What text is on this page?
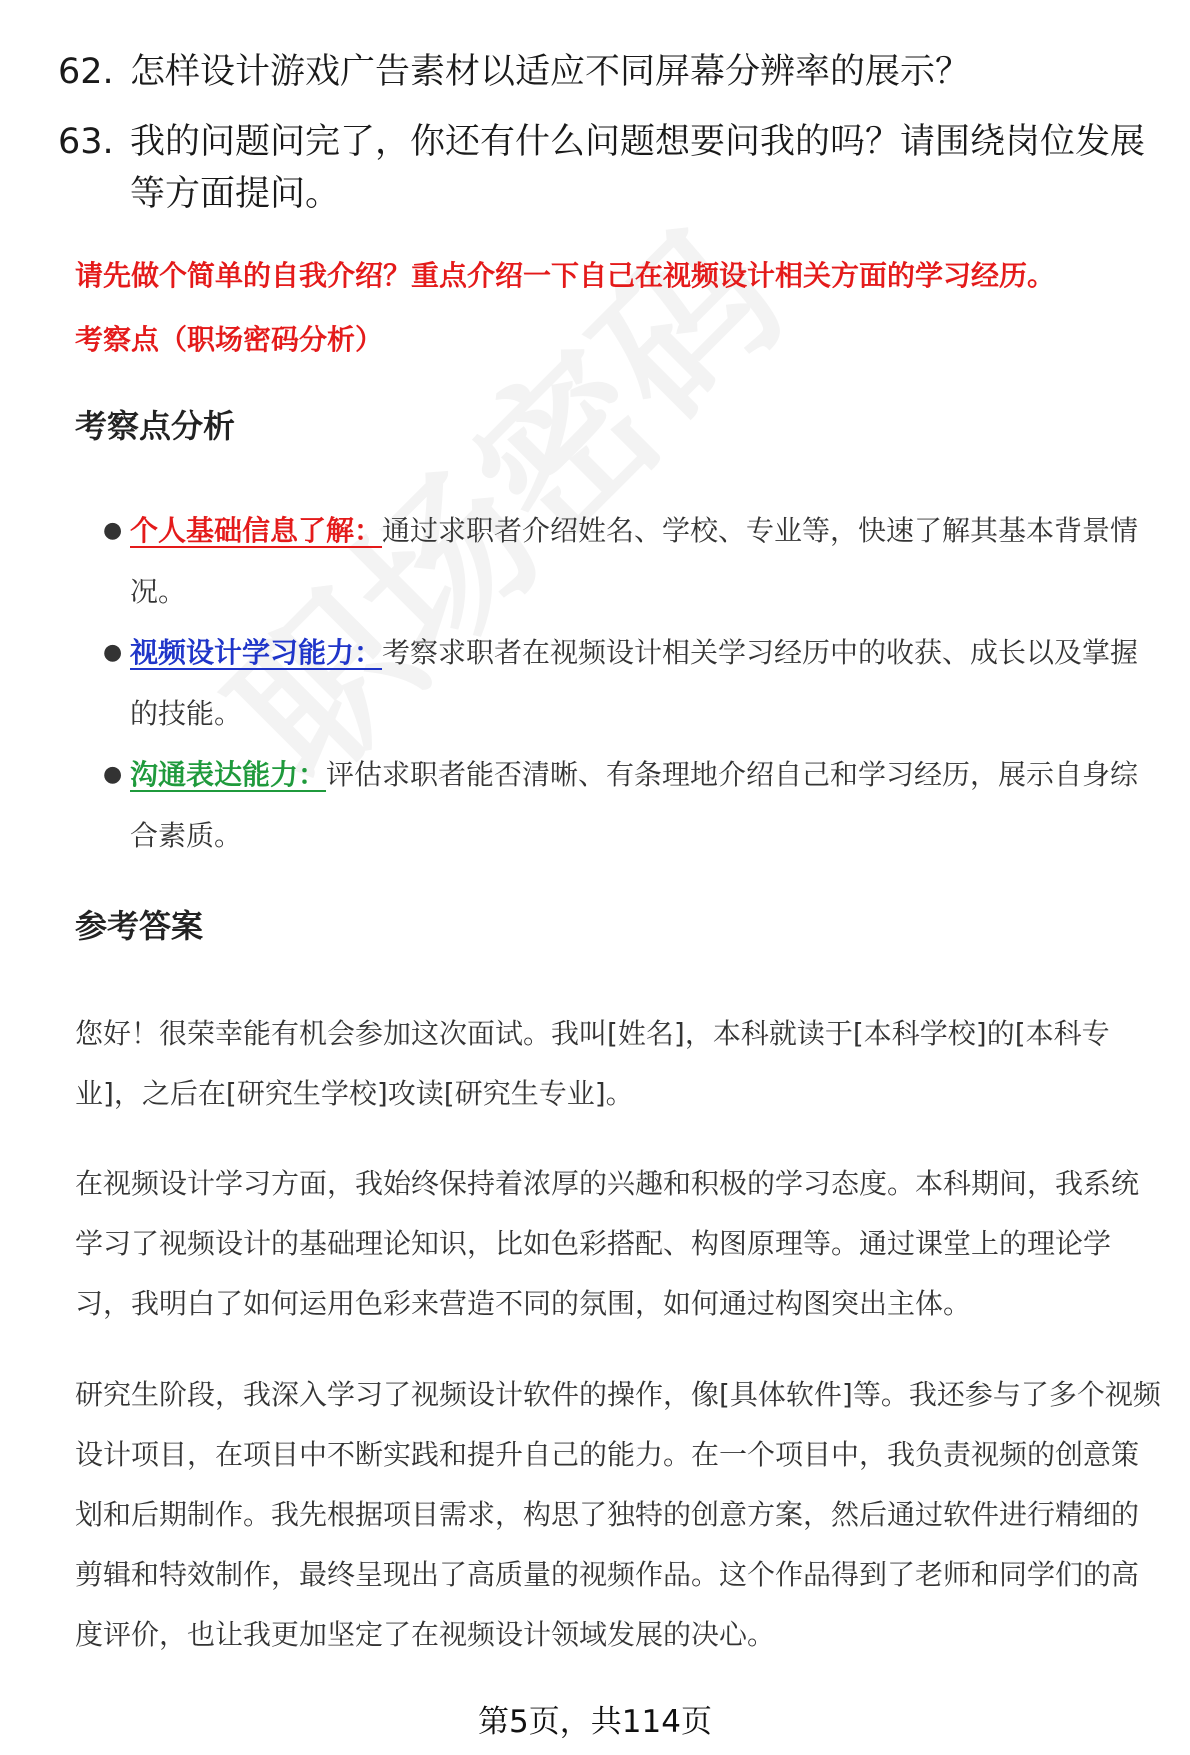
62. 怎样设计游戏广告素材以适应不同屏幕分辨率的展示？
63. 我的问题问完了，你还有什么问题想要问我的吗？请围绕岗位发展等方面提问。
请先做个简单的自我介绍？重点介绍一下自己在视频设计相关方面的学习经历。
考察点（职场密码分析）
考察点分析
● 个人基础信息了解：通过求职者介绍姓名、学校、专业等，快速了解其基本背景情况。
● 视频设计学习能力：考察求职者在视频设计相关学习经历中的收获、成长以及掌握的技能。
● 沟通表达能力：评估求职者能否清晰、有条理地介绍自己和学习经历，展示自身综合素质。
参考答案

您好！很荣幸能有机会参加这次面试。我叫[姓名]，本科就读于[本科学校]的[本科专业]，之后在[研究生学校]攻读[研究生专业]。

在视频设计学习方面，我始终保持着浓厚的兴趣和积极的学习态度。本科期间，我系统学习了视频设计的基础理论知识，比如色彩搭配、构图原理等。通过课堂上的理论学习，我明白了如何运用色彩来营造不同的氛围，如何通过构图突出主体。

研究生阶段，我深入学习了视频设计软件的操作，像[具体软件]等。我还参与了多个视频设计项目，在项目中不断实践和提升自己的能力。在一个项目中，我负责视频的创意策划和后期制作。我先根据项目需求，构思了独特的创意方案，然后通过软件进行精细的剪辑和特效制作，最终呈现出了高质量的视频作品。这个作品得到了老师和同学们的高度评价，也让我更加坚定了在视频设计领域发展的决心。

第5页，共114页
